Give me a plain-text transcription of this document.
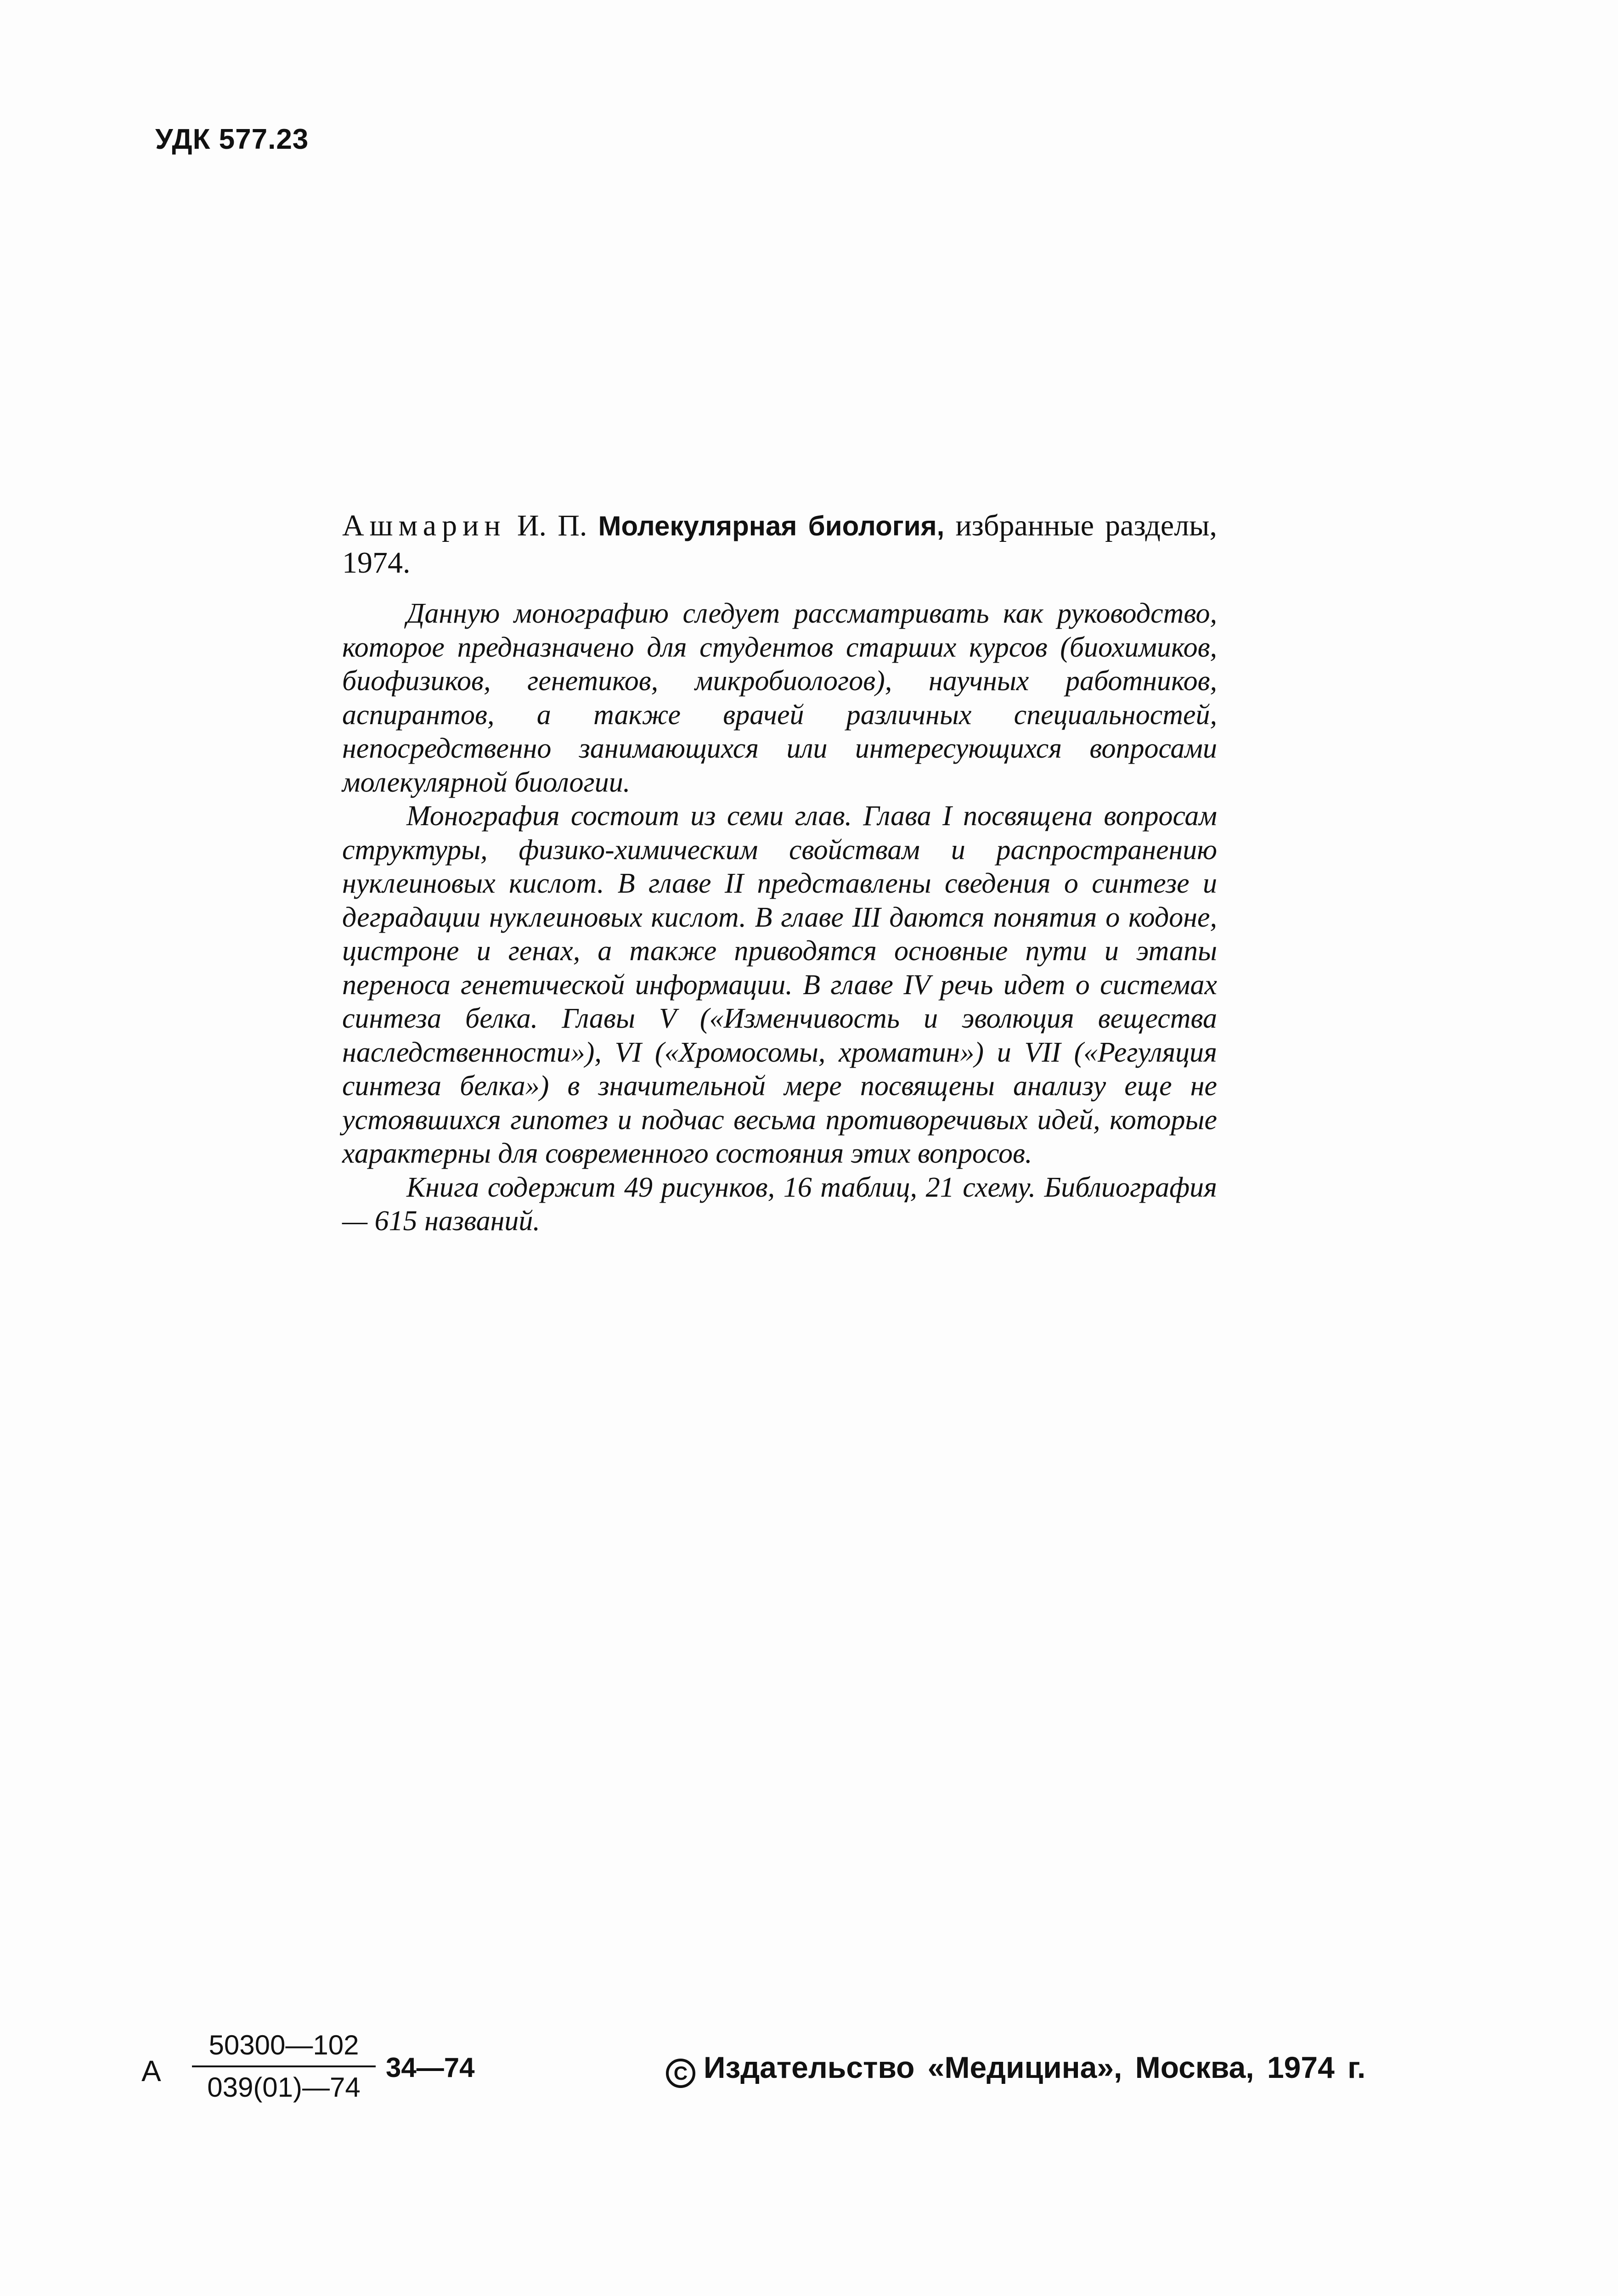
УДК 577.23

Ашмарин И. П. Молекулярная биология, избранные разделы, 1974.

Данную монографию следует рассматривать как руководство, которое предназначено для студентов старших курсов (биохимиков, биофизиков, генетиков, микробиологов), научных работников, аспирантов, а также врачей различных специальностей, непосредственно занимающихся или интересующихся вопросами молекулярной биологии.

Монография состоит из семи глав. Глава I посвящена вопросам структуры, физико-химическим свойствам и распространению нуклеиновых кислот. В главе II представлены сведения о синтезе и деградации нуклеиновых кислот. В главе III даются понятия о кодоне, цистроне и генах, а также приводятся основные пути и этапы переноса генетической информации. В главе IV речь идет о системах синтеза белка. Главы V («Изменчивость и эволюция вещества наследственности»), VI («Хромосомы, хроматин») и VII («Регуляция синтеза белка») в значительной мере посвящены анализу еще не устоявшихся гипотез и подчас весьма противоречивых идей, которые характерны для современного состояния этих вопросов.

Книга содержит 49 рисунков, 16 таблиц, 21 схему. Библиография — 615 названий.

A $\frac{50300—102}{039(01)—74}$ 34—74	C Издательство «Медицина», Москва, 1974 г.
